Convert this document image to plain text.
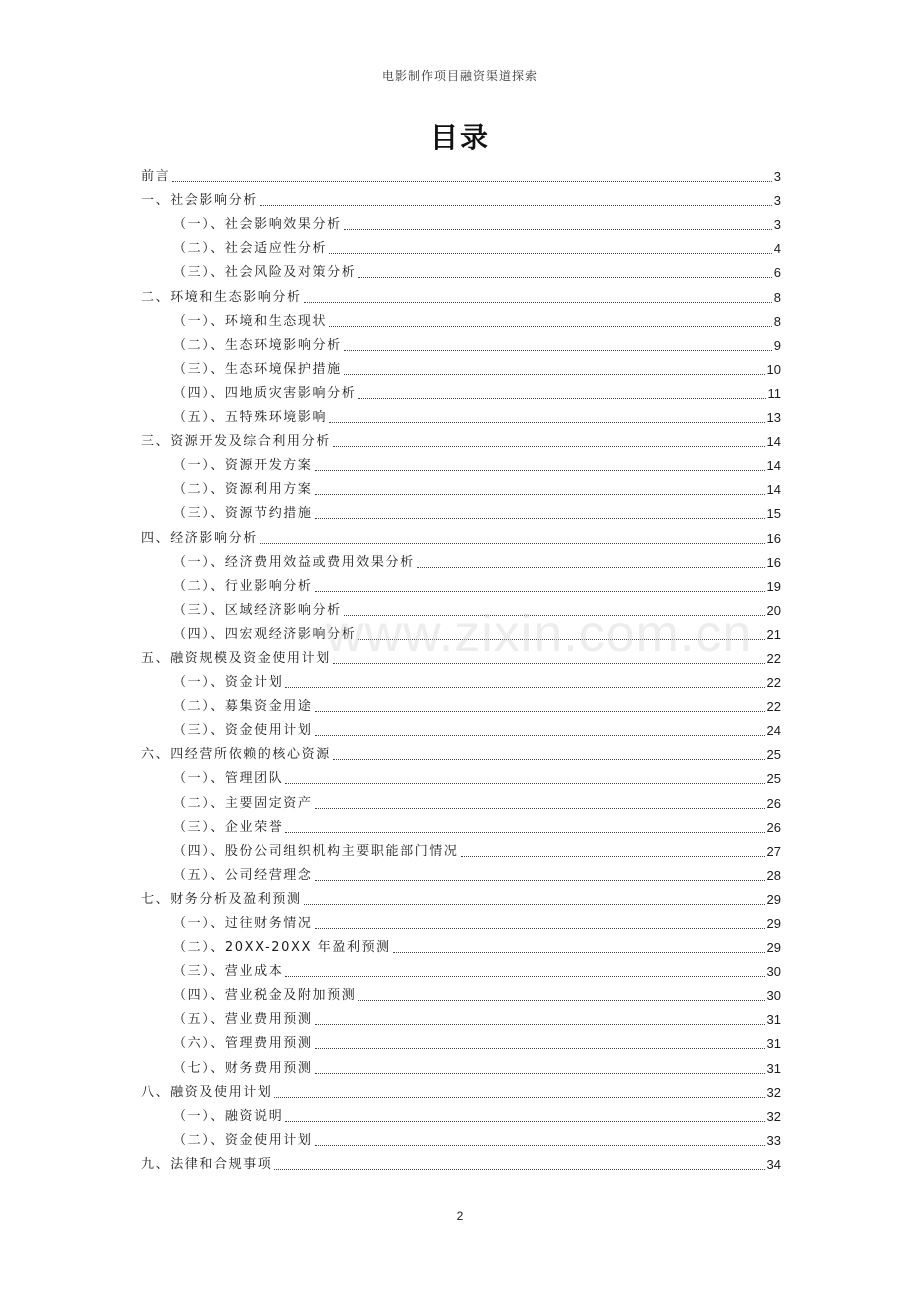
电影制作项目融资渠道探索
目录
前言	3
一、社会影响分析	3
（一）、社会影响效果分析	3
（二）、社会适应性分析	4
（三）、社会风险及对策分析	6
二、环境和生态影响分析	8
（一）、环境和生态现状	8
（二）、生态环境影响分析	9
（三）、生态环境保护措施	10
（四）、四地质灾害影响分析	11
（五）、五特殊环境影响	13
三、资源开发及综合利用分析	14
（一）、资源开发方案	14
（二）、资源利用方案	14
（三）、资源节约措施	15
四、经济影响分析	16
（一）、经济费用效益或费用效果分析	16
（二）、行业影响分析	19
（三）、区域经济影响分析	20
（四）、四宏观经济影响分析	21
五、融资规模及资金使用计划	22
（一）、资金计划	22
（二）、募集资金用途	22
（三）、资金使用计划	24
六、四经营所依赖的核心资源	25
（一）、管理团队	25
（二）、主要固定资产	26
（三）、企业荣誉	26
（四）、股份公司组织机构主要职能部门情况	27
（五）、公司经营理念	28
七、财务分析及盈利预测	29
（一）、过往财务情况	29
（二）、20XX-20XX 年盈利预测	29
（三）、营业成本	30
（四）、营业税金及附加预测	30
（五）、营业费用预测	31
（六）、管理费用预测	31
（七）、财务费用预测	31
八、融资及使用计划	32
（一）、融资说明	32
（二）、资金使用计划	33
九、法律和合规事项	34
www.zixin.com.cn
2
